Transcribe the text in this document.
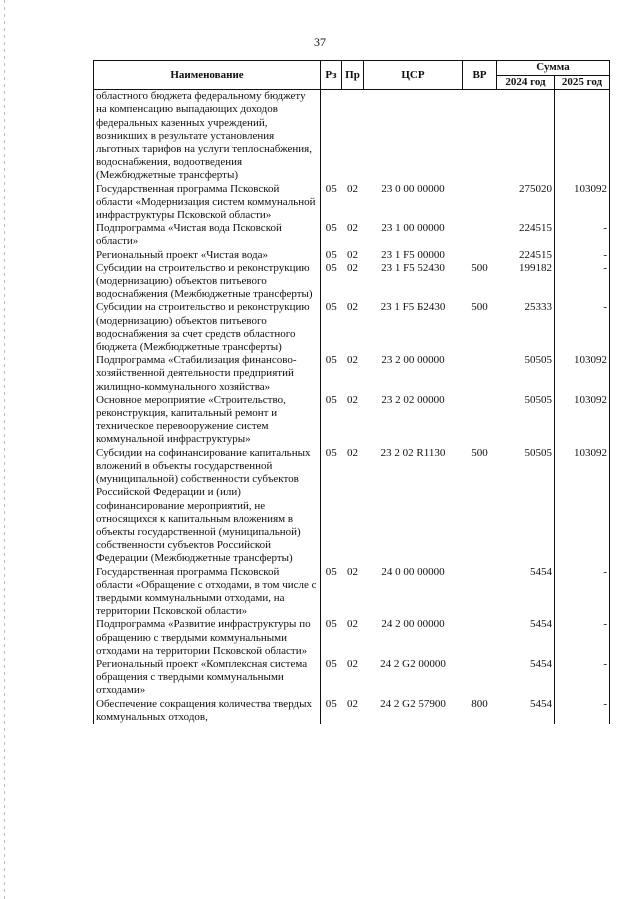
37
Наименование	Рз	Пр	ЦСР	ВР	Сумма	
					2024 год	2025 год
областного бюджета федеральному бюджету на компенсацию выпадающих доходов федеральных казенных учреждений, возникших в результате установления льготных тарифов на услуги теплоснабжения, водоснабжения, водоотведения (Межбюджетные трансферты)						
Государственная программа Псковской области «Модернизация систем коммунальной инфраструктуры Псковской области»	05	02	23 0 00 00000		275020	103092
Подпрограмма «Чистая вода Псковской области»	05	02	23 1 00 00000		224515	-
Региональный проект «Чистая вода»	05	02	23 1 F5 00000		224515	-
Субсидии на строительство и реконструкцию (модернизацию) объектов питьевого водоснабжения (Межбюджетные трансферты)	05	02	23 1 F5 52430	500	199182	-
Субсидии на строительство и реконструкцию (модернизацию) объектов питьевого водоснабжения за счет средств областного бюджета (Межбюджетные трансферты)	05	02	23 1 F5 Б2430	500	25333	-
Подпрограмма «Стабилизация финансово-хозяйственной деятельности предприятий жилищно-коммунального хозяйства»	05	02	23 2 00 00000		50505	103092
Основное мероприятие «Строительство, реконструкция, капитальный ремонт и техническое перевооружение систем коммунальной инфраструктуры»	05	02	23 2 02 00000		50505	103092
Субсидии на софинансирование капитальных вложений в объекты государственной (муниципальной) собственности субъектов Российской Федерации и (или) софинансирование мероприятий, не относящихся к капитальным вложениям в объекты государственной (муниципальной) собственности субъектов Российской Федерации (Межбюджетные трансферты)	05	02	23 2 02 R1130	500	50505	103092
Государственная программа Псковской области «Обращение с отходами, в том числе с твердыми коммунальными отходами, на территории Псковской области»	05	02	24 0 00 00000		5454	-
Подпрограмма «Развитие инфраструктуры по обращению с твердыми коммунальными отходами на территории Псковской области»	05	02	24 2 00 00000		5454	-
Региональный проект «Комплексная система обращения с твердыми коммунальными отходами»	05	02	24 2 G2 00000		5454	-
Обеспечение сокращения количества твердых коммунальных отходов,	05	02	24 2 G2 57900	800	5454	-
